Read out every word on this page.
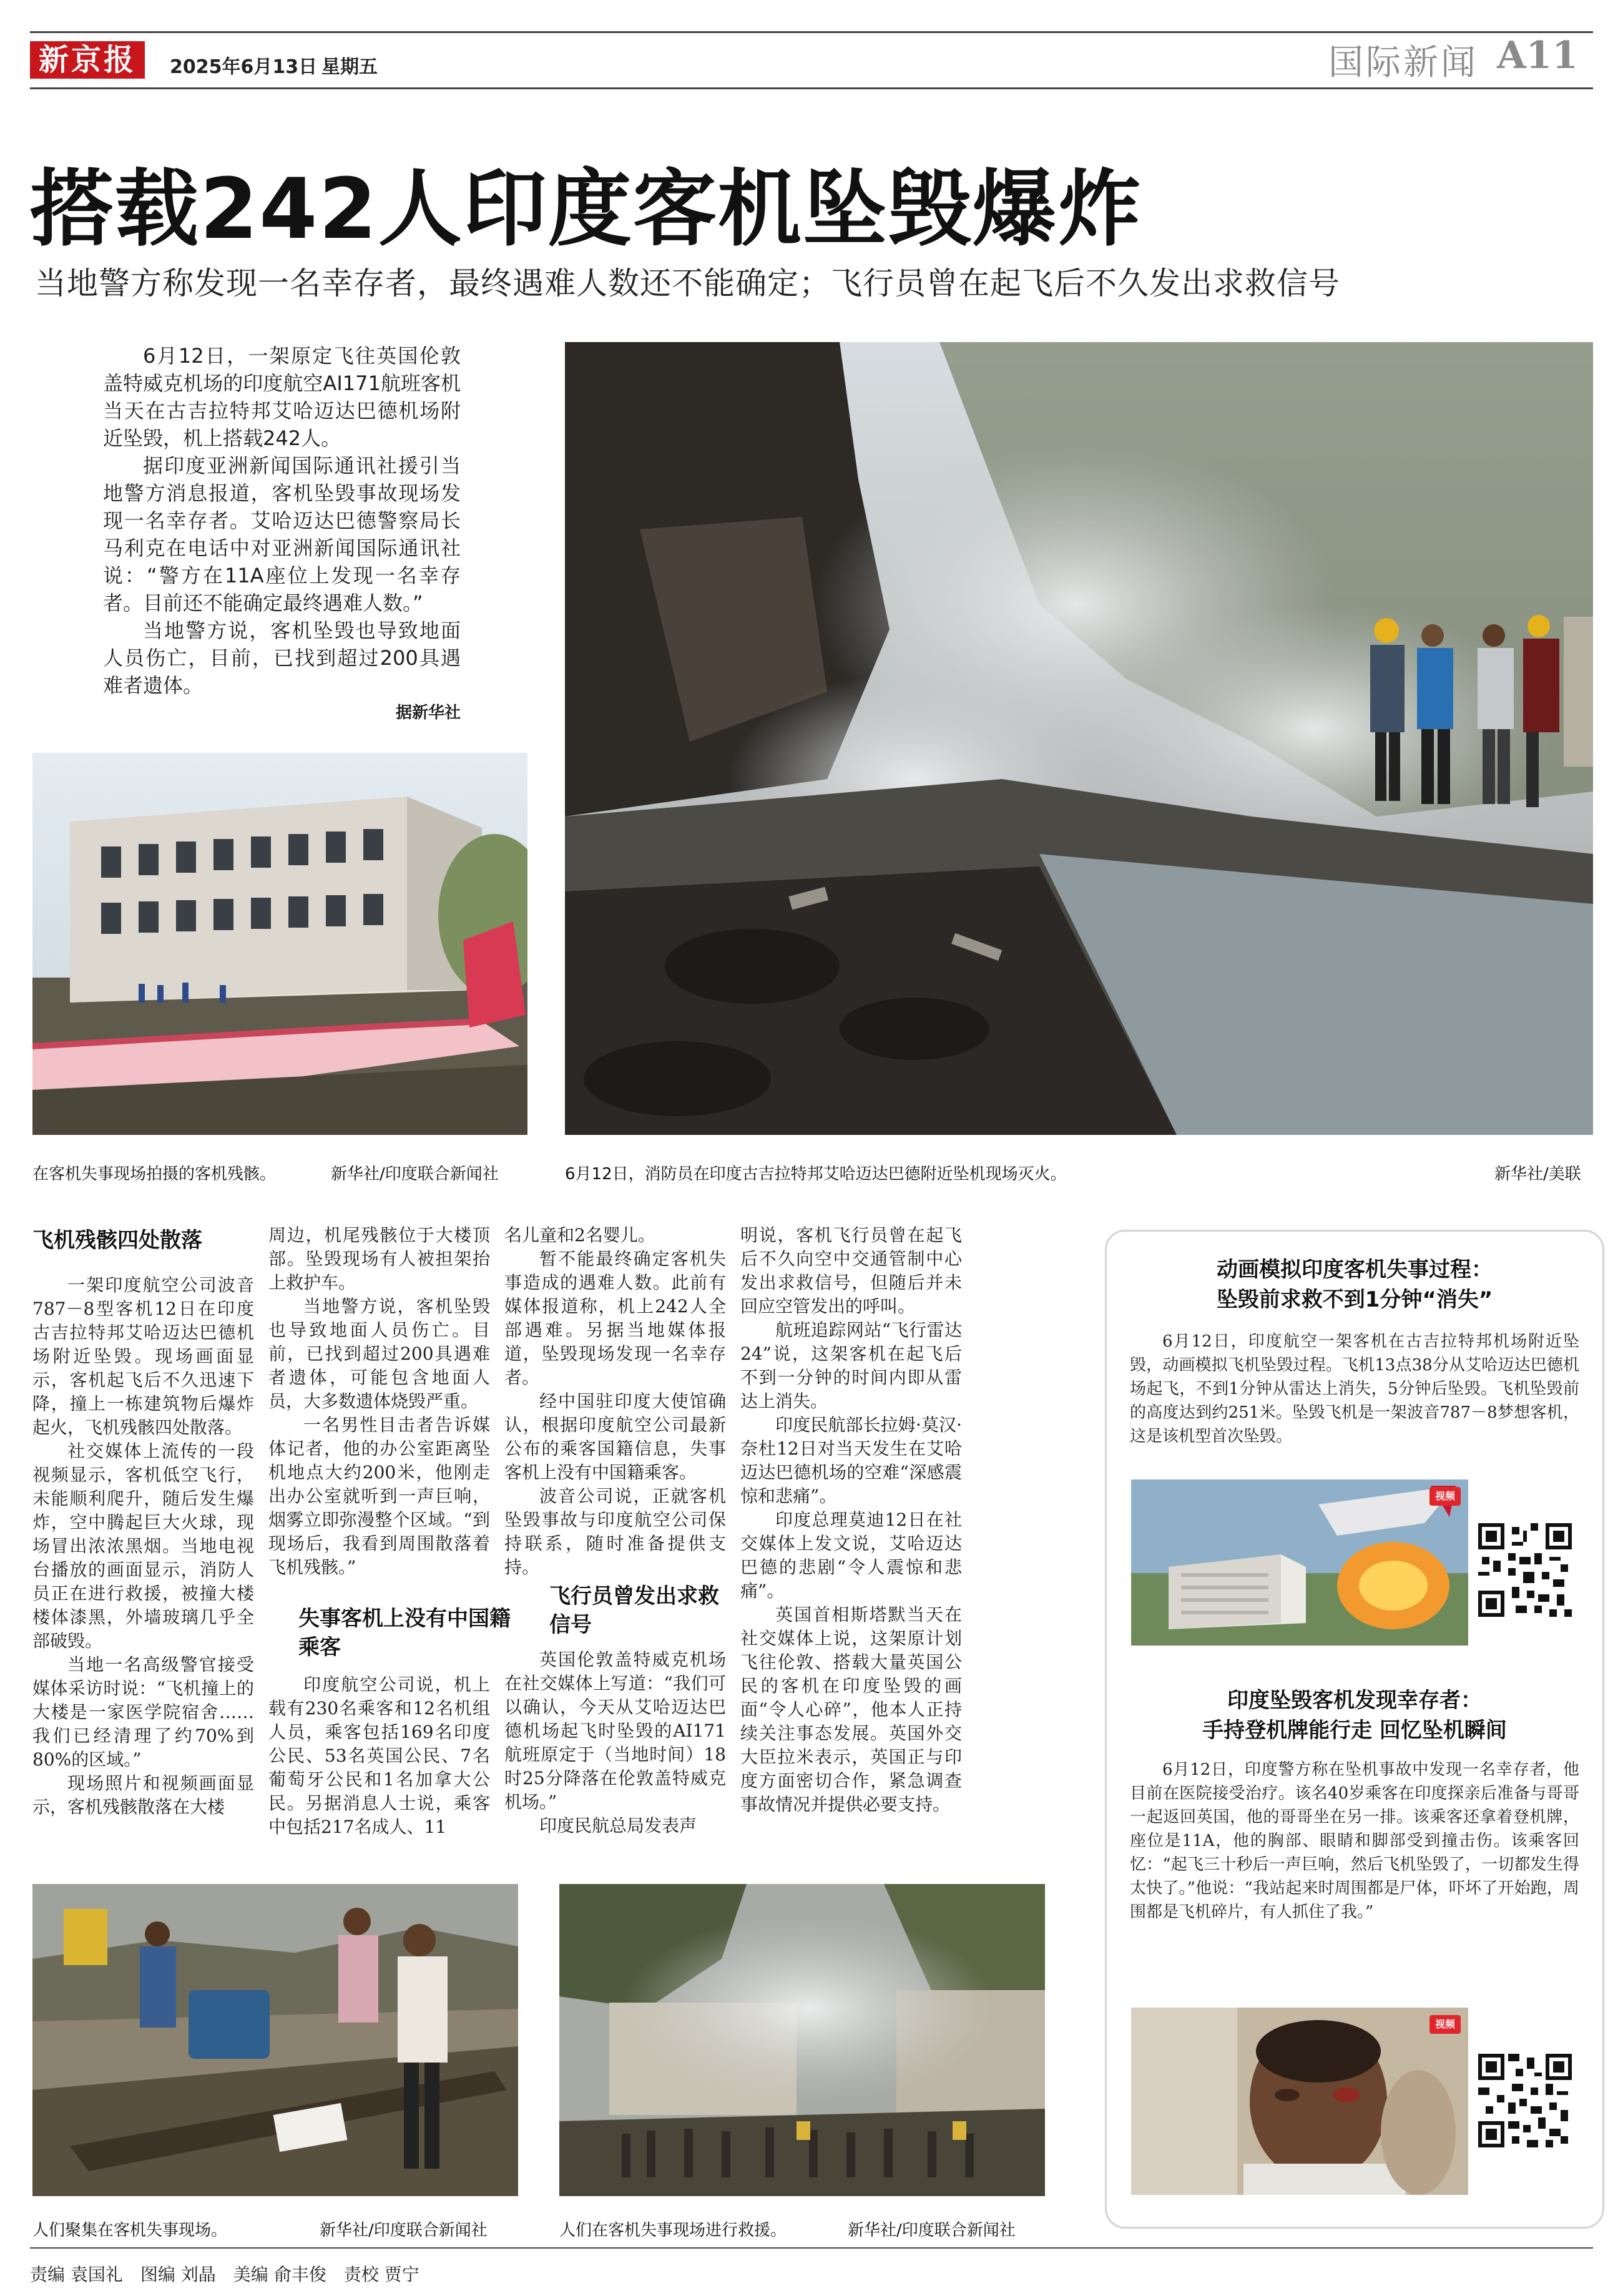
新京报	2025年6月13日 星期五	国际新闻 A11
搭载242人印度客机坠毁爆炸
当地警方称发现一名幸存者，最终遇难人数还不能确定；飞行员曾在起飞后不久发出求救信号

6月12日，一架原定飞往英国伦敦盖特威克机场的印度航空AI171航班客机当天在古吉拉特邦艾哈迈达巴德机场附近坠毁，机上搭载242人。

据印度亚洲新闻国际通讯社援引当地警方消息报道，客机坠毁事故现场发现一名幸存者。艾哈迈达巴德警察局长马利克在电话中对亚洲新闻国际通讯社说：“警方在11A座位上发现一名幸存者。目前还不能确定最终遇难人数。”

当地警方说，客机坠毁也导致地面人员伤亡，目前，已找到超过200具遇难者遗体。

据新华社

在客机失事现场拍摄的客机残骸。	新华社/印度联合新闻社	6月12日，消防员在印度古吉拉特邦艾哈迈达巴德附近坠机现场灭火。	新华社/美联
飞机残骸四处散落

一架印度航空公司波音787－8型客机12日在印度古吉拉特邦艾哈迈达巴德机场附近坠毁。现场画面显示，客机起飞后不久迅速下降，撞上一栋建筑物后爆炸起火，飞机残骸四处散落。

社交媒体上流传的一段视频显示，客机低空飞行，未能顺利爬升，随后发生爆炸，空中腾起巨大火球，现场冒出浓浓黑烟。当地电视台播放的画面显示，消防人员正在进行救援，被撞大楼楼体漆黑，外墙玻璃几乎全部破毁。

当地一名高级警官接受媒体采访时说：“飞机撞上的大楼是一家医学院宿舍……我们已经清理了约70%到80%的区域。”

现场照片和视频画面显示，客机残骸散落在大楼

周边，机尾残骸位于大楼顶部。坠毁现场有人被担架抬上救护车。

当地警方说，客机坠毁也导致地面人员伤亡。目前，已找到超过200具遇难者遗体，可能包含地面人员，大多数遗体烧毁严重。

一名男性目击者告诉媒体记者，他的办公室距离坠机地点大约200米，他刚走出办公室就听到一声巨响，烟雾立即弥漫整个区域。“到现场后，我看到周围散落着飞机残骸。”

失事客机上没有中国籍乘客

印度航空公司说，机上载有230名乘客和12名机组人员，乘客包括169名印度公民、53名英国公民、7名葡萄牙公民和1名加拿大公民。另据消息人士说，乘客中包括217名成人、11

名儿童和2名婴儿。

暂不能最终确定客机失事造成的遇难人数。此前有媒体报道称，机上242人全部遇难。另据当地媒体报道，坠毁现场发现一名幸存者。

经中国驻印度大使馆确认，根据印度航空公司最新公布的乘客国籍信息，失事客机上没有中国籍乘客。

波音公司说，正就客机坠毁事故与印度航空公司保持联系，随时准备提供支持。

飞行员曾发出求救信号

英国伦敦盖特威克机场在社交媒体上写道：“我们可以确认，今天从艾哈迈达巴德机场起飞时坠毁的AI171航班原定于（当地时间）18时25分降落在伦敦盖特威克机场。”

印度民航总局发表声

明说，客机飞行员曾在起飞后不久向空中交通管制中心发出求救信号，但随后并未回应空管发出的呼叫。

航班追踪网站“飞行雷达24”说，这架客机在起飞后不到一分钟的时间内即从雷达上消失。

印度民航部长拉姆·莫汉·奈杜12日对当天发生在艾哈迈达巴德机场的空难“深感震惊和悲痛”。

印度总理莫迪12日在社交媒体上发文说，艾哈迈达巴德的悲剧“令人震惊和悲痛”。

英国首相斯塔默当天在社交媒体上说，这架原计划飞往伦敦、搭载大量英国公民的客机在印度坠毁的画面“令人心碎”，他本人正持续关注事态发展。英国外交大臣拉米表示，英国正与印度方面密切合作，紧急调查事故情况并提供必要支持。

人们聚集在客机失事现场。	新华社/印度联合新闻社	人们在客机失事现场进行救援。	新华社/印度联合新闻社
动画模拟印度客机失事过程：
坠毁前求救不到1分钟“消失”

6月12日，印度航空一架客机在古吉拉特邦机场附近坠毁，动画模拟飞机坠毁过程。飞机13点38分从艾哈迈达巴德机场起飞，不到1分钟从雷达上消失，5分钟后坠毁。飞机坠毁前的高度达到约251米。坠毁飞机是一架波音787－8梦想客机，这是该机型首次坠毁。

视频
印度坠毁客机发现幸存者：
手持登机牌能行走 回忆坠机瞬间

6月12日，印度警方称在坠机事故中发现一名幸存者，他目前在医院接受治疗。该名40岁乘客在印度探亲后准备与哥哥一起返回英国，他的哥哥坐在另一排。该乘客还拿着登机牌，座位是11A，他的胸部、眼睛和脚部受到撞击伤。该乘客回忆：“起飞三十秒后一声巨响，然后飞机坠毁了，一切都发生得太快了。”他说：“我站起来时周围都是尸体，吓坏了开始跑，周围都是飞机碎片，有人抓住了我。”

视频
责编 袁国礼　图编 刘晶　美编 俞丰俊　责校 贾宁
